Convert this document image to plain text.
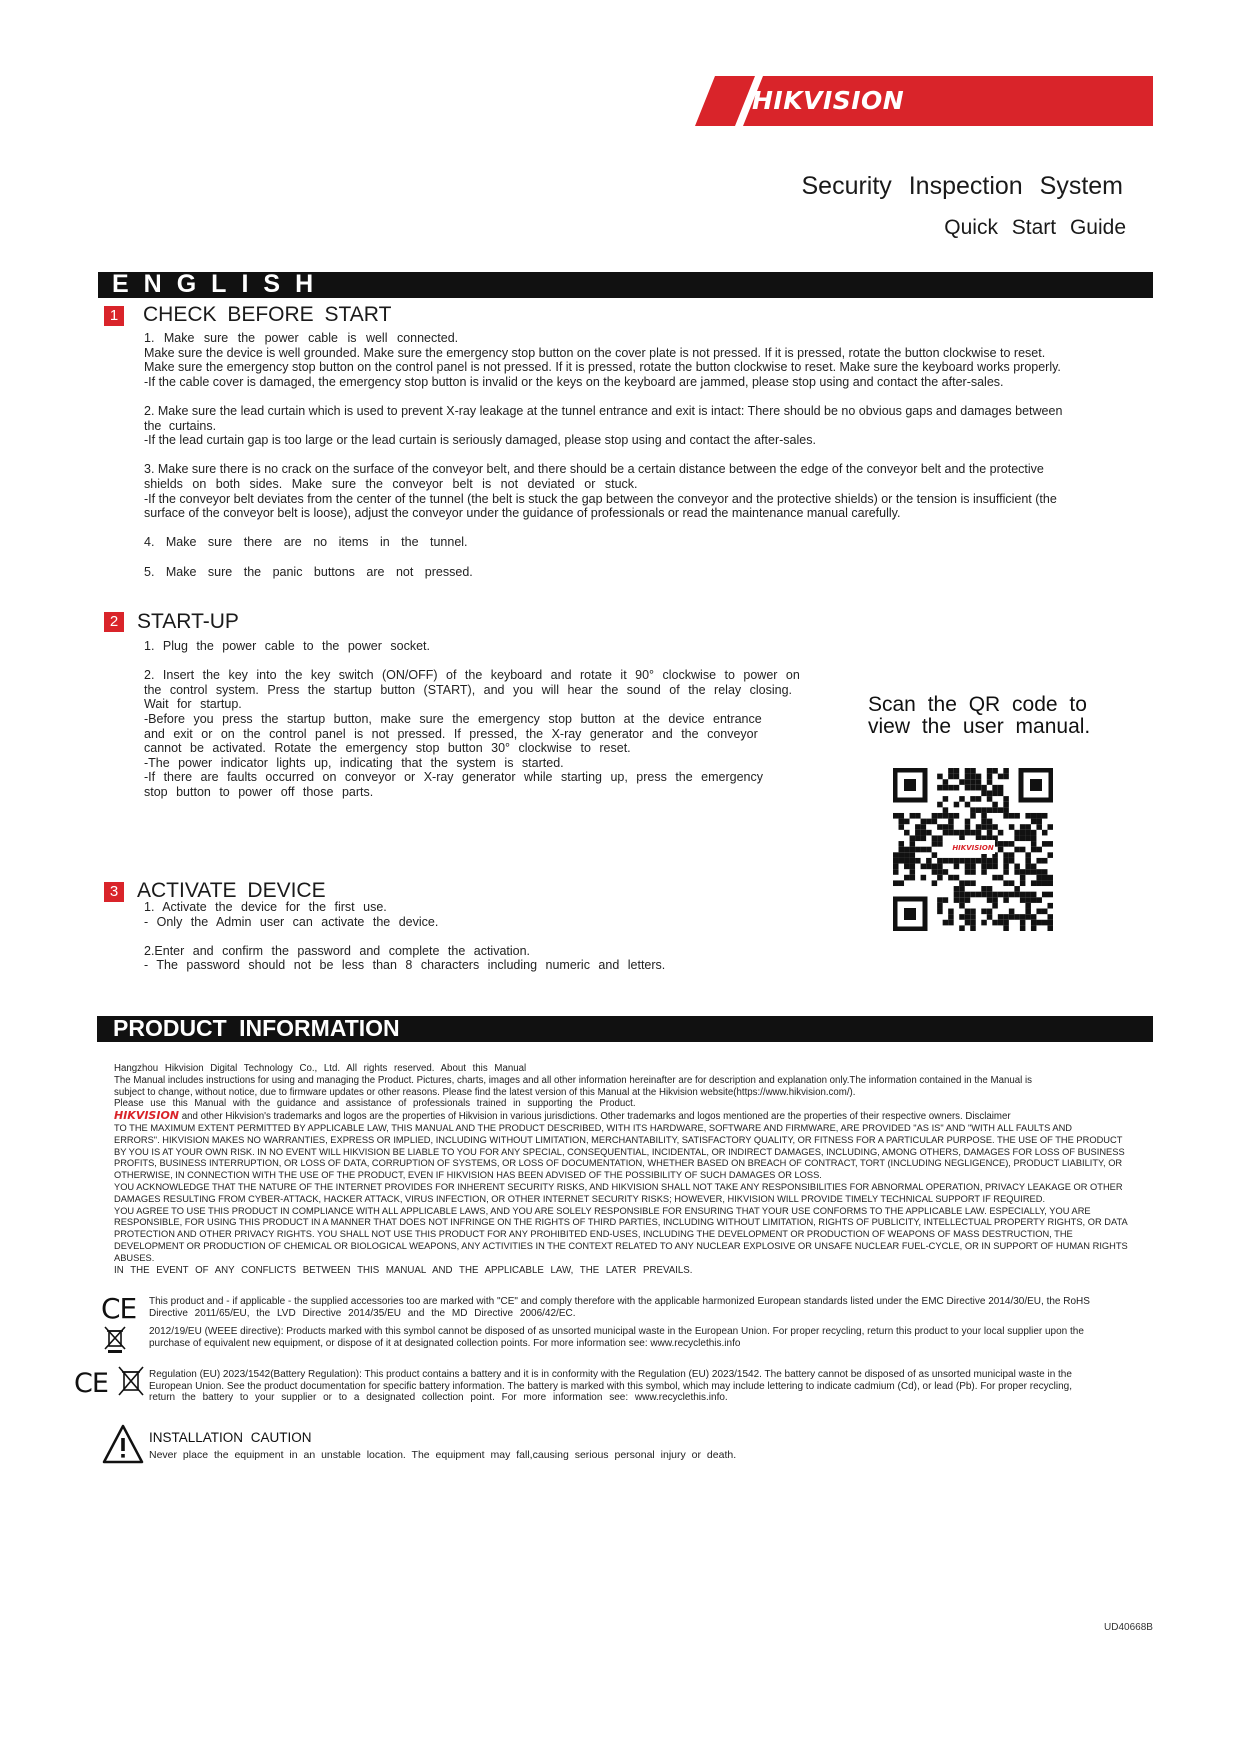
HIKVISION
Security Inspection System
Quick Start Guide
ENGLISH
1 CHECK BEFORE START

1. Make sure the power cable is well connected.

Make sure the device is well grounded. Make sure the emergency stop button on the cover plate is not pressed. If it is pressed, rotate the button clockwise to reset.

Make sure the emergency stop button on the control panel is not pressed. If it is pressed, rotate the button clockwise to reset. Make sure the keyboard works properly.

-If the cable cover is damaged, the emergency stop button is invalid or the keys on the keyboard are jammed, please stop using and contact the after-sales.

2. Make sure the lead curtain which is used to prevent X-ray leakage at the tunnel entrance and exit is intact: There should be no obvious gaps and damages between

the curtains.

-If the lead curtain gap is too large or the lead curtain is seriously damaged, please stop using and contact the after-sales.

3. Make sure there is no crack on the surface of the conveyor belt, and there should be a certain distance between the edge of the conveyor belt and the protective

shields on both sides. Make sure the conveyor belt is not deviated or stuck.

-If the conveyor belt deviates from the center of the tunnel (the belt is stuck the gap between the conveyor and the protective shields) or the tension is insufficient (the

surface of the conveyor belt is loose), adjust the conveyor under the guidance of professionals or read the maintenance manual carefully.

4. Make sure there are no items in the tunnel.

5. Make sure the panic buttons are not pressed.

2 START-UP

1. Plug the power cable to the power socket.

2. Insert the key into the key switch (ON/OFF) of the keyboard and rotate it 90° clockwise to power on

the control system. Press the startup button (START), and you will hear the sound of the relay closing.

Wait for startup.

-Before you press the startup button, make sure the emergency stop button at the device entrance

and exit or on the control panel is not pressed. If pressed, the X-ray generator and the conveyor

cannot be activated. Rotate the emergency stop button 30° clockwise to reset.

-The power indicator lights up, indicating that the system is started.

-If there are faults occurred on conveyor or X-ray generator while starting up, press the emergency

stop button to power off those parts.

Scan the QR code to
view the user manual.
HIKVISION
3 ACTIVATE DEVICE

1. Activate the device for the first use.

- Only the Admin user can activate the device.

2.Enter and confirm the password and complete the activation.

- The password should not be less than 8 characters including numeric and letters.

PRODUCT INFORMATION

Hangzhou Hikvision Digital Technology Co., Ltd. All rights reserved. About this Manual

The Manual includes instructions for using and managing the Product. Pictures, charts, images and all other information hereinafter are for description and explanation only.The information contained in the Manual is

subject to change, without notice, due to firmware updates or other reasons. Please find the latest version of this Manual at the Hikvision website(https://www.hikvision.com/).

Please use this Manual with the guidance and assistance of professionals trained in supporting the Product.

HIKVISION and other Hikvision's trademarks and logos are the properties of Hikvision in various jurisdictions. Other trademarks and logos mentioned are the properties of their respective owners. Disclaimer

TO THE MAXIMUM EXTENT PERMITTED BY APPLICABLE LAW, THIS MANUAL AND THE PRODUCT DESCRIBED, WITH ITS HARDWARE, SOFTWARE AND FIRMWARE, ARE PROVIDED "AS IS" AND "WITH ALL FAULTS AND

ERRORS". HIKVISION MAKES NO WARRANTIES, EXPRESS OR IMPLIED, INCLUDING WITHOUT LIMITATION, MERCHANTABILITY, SATISFACTORY QUALITY, OR FITNESS FOR A PARTICULAR PURPOSE. THE USE OF THE PRODUCT

BY YOU IS AT YOUR OWN RISK. IN NO EVENT WILL HIKVISION BE LIABLE TO YOU FOR ANY SPECIAL, CONSEQUENTIAL, INCIDENTAL, OR INDIRECT DAMAGES, INCLUDING, AMONG OTHERS, DAMAGES FOR LOSS OF BUSINESS

PROFITS, BUSINESS INTERRUPTION, OR LOSS OF DATA, CORRUPTION OF SYSTEMS, OR LOSS OF DOCUMENTATION, WHETHER BASED ON BREACH OF CONTRACT, TORT (INCLUDING NEGLIGENCE), PRODUCT LIABILITY, OR

OTHERWISE, IN CONNECTION WITH THE USE OF THE PRODUCT, EVEN IF HIKVISION HAS BEEN ADVISED OF THE POSSIBILITY OF SUCH DAMAGES OR LOSS.

YOU ACKNOWLEDGE THAT THE NATURE OF THE INTERNET PROVIDES FOR INHERENT SECURITY RISKS, AND HIKVISION SHALL NOT TAKE ANY RESPONSIBILITIES FOR ABNORMAL OPERATION, PRIVACY LEAKAGE OR OTHER

DAMAGES RESULTING FROM CYBER-ATTACK, HACKER ATTACK, VIRUS INFECTION, OR OTHER INTERNET SECURITY RISKS; HOWEVER, HIKVISION WILL PROVIDE TIMELY TECHNICAL SUPPORT IF REQUIRED.

YOU AGREE TO USE THIS PRODUCT IN COMPLIANCE WITH ALL APPLICABLE LAWS, AND YOU ARE SOLELY RESPONSIBLE FOR ENSURING THAT YOUR USE CONFORMS TO THE APPLICABLE LAW. ESPECIALLY, YOU ARE

RESPONSIBLE, FOR USING THIS PRODUCT IN A MANNER THAT DOES NOT INFRINGE ON THE RIGHTS OF THIRD PARTIES, INCLUDING WITHOUT LIMITATION, RIGHTS OF PUBLICITY, INTELLECTUAL PROPERTY RIGHTS, OR DATA

PROTECTION AND OTHER PRIVACY RIGHTS. YOU SHALL NOT USE THIS PRODUCT FOR ANY PROHIBITED END-USES, INCLUDING THE DEVELOPMENT OR PRODUCTION OF WEAPONS OF MASS DESTRUCTION, THE

DEVELOPMENT OR PRODUCTION OF CHEMICAL OR BIOLOGICAL WEAPONS, ANY ACTIVITIES IN THE CONTEXT RELATED TO ANY NUCLEAR EXPLOSIVE OR UNSAFE NUCLEAR FUEL-CYCLE, OR IN SUPPORT OF HUMAN RIGHTS

ABUSES.

IN THE EVENT OF ANY CONFLICTS BETWEEN THIS MANUAL AND THE APPLICABLE LAW, THE LATER PREVAILS.

CE This product and - if applicable - the supplied accessories too are marked with "CE" and comply therefore with the applicable harmonized European standards listed under the EMC Directive 2014/30/EU, the RoHS
Directive 2011/65/EU, the LVD Directive 2014/35/EU and the MD Directive 2006/42/EC.
2012/19/EU (WEEE directive): Products marked with this symbol cannot be disposed of as unsorted municipal waste in the European Union. For proper recycling, return this product to your local supplier upon the
purchase of equivalent new equipment, or dispose of it at designated collection points. For more information see: www.recyclethis.info
CE	Regulation (EU) 2023/1542(Battery Regulation): This product contains a battery and it is in conformity with the Regulation (EU) 2023/1542. The battery cannot be disposed of as unsorted municipal waste in the
European Union. See the product documentation for specific battery information. The battery is marked with this symbol, which may include lettering to indicate cadmium (Cd), or lead (Pb). For proper recycling,
return the battery to your supplier or to a designated collection point. For more information see: www.recyclethis.info.
INSTALLATION CAUTION
Never place the equipment in an unstable location. The equipment may fall,causing serious personal injury or death.
UD40668B
